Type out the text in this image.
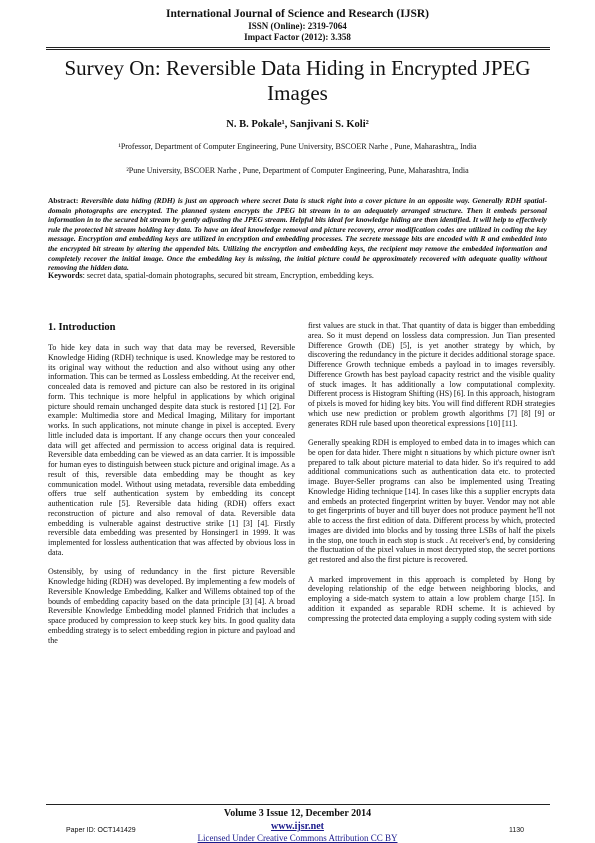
International Journal of Science and Research (IJSR)
ISSN (Online): 2319-7064
Impact Factor (2012): 3.358
Survey On: Reversible Data Hiding in Encrypted JPEG Images
N. B. Pokale¹, Sanjivani S. Koli²
¹Professor, Department of Computer Engineering, Pune University, BSCOER Narhe , Pune, Maharashtra,, India
²Pune University, BSCOER Narhe , Pune, Department of Computer Engineering, Pune, Maharashtra, India
Abstract: Reversible data hiding (RDH) is just an approach where secret Data is stuck right into a cover picture in an opposite way. Generally RDH spatial-domain photographs are encrypted. The planned system encrypts the JPEG bit stream in to an adequately arranged structure. Then it embeds personal information in to the secured bit stream by gently adjusting the JPEG stream. Helpful bits ideal for knowledge hiding are then identified. It will help to effectively rule the protected bit stream holding key data. To have an ideal knowledge removal and picture recovery, error modification codes are utilized in coding the key message. Encryption and embedding keys are utilized in encryption and embedding processes. The secrete message bits are encoded with R and embedded into the encrypted bit stream by altering the appended bits. Utilizing the encryption and embedding keys, the recipient may remove the embedded information and completely recover the initial image. Once the embedding key is missing, the initial picture could be approximately recovered with adequate quality without removing the hidden data.
Keywords: secret data, spatial-domain photographs, secured bit stream, Encryption, embedding keys.
1. Introduction

To hide key data in such way that data may be reversed, Reversible Knowledge Hiding (RDH) technique is used. Knowledge may be restored to its original way without the reduction and also without using any other information. This can be termed as Lossless embedding. At the receiver end, concealed data is removed and picture can also be restored in its original form. This technique is more helpful in applications by which original picture should remain unchanged despite data stuck is restored [1] [2]. For example: Multimedia store and Medical Imaging, Military for important works. In such applications, not minute change in pixel is accepted. Every little included data is important. If any change occurs then your concealed data will get affected and permission to access original data is required. Reversible data embedding can be viewed as an data carrier. It is impossible for human eyes to distinguish between stuck picture and original image. As a result of this, reversible data embedding may be thought as key communication model. Without using metadata, reversible data embedding offers true self authentication system by embedding its concept authentication rule [5]. Reversible data hiding (RDH) offers exact reconstruction of picture and also removal of data. Reversible data embedding is vulnerable against destructive strike [1] [3] [4]. Firstly reversible data embedding was presented by Honsinger1 in 1999. It was implemented for lossless authentication that was affected by obvious loss in data.

Ostensibly, by using of redundancy in the first picture Reversible Knowledge hiding (RDH) was developed. By implementing a few models of Reversible Knowledge Embedding, Kalker and Willems obtained top of the bounds of embedding capacity based on the data principle [3] [4]. A broad Reversible Knowledge Embedding model planned Fridrich that includes a space produced by compression to keep stuck key bits. In good quality data embedding strategy is to select embedding region in picture and payload and the

first values are stuck in that. That quantity of data is bigger than embedding area. So it must depend on lossless data compression. Jun Tian presented Difference Growth (DE) [5], is yet another strategy by which, by discovering the redundancy in the picture it decides additional storage space. Difference Growth technique embeds a payload in to images reversibly. Difference Growth has best payload capacity restrict and the visible quality of stuck images. It has additionally a low computational complexity. Different process is Histogram Shifting (HS) [6]. In this approach, histogram of pixels is moved for hiding key bits. You will find different RDH strategies which use new prediction or problem growth algorithms [7] [8] [9] or generates RDH rule based upon theoretical expressions [10] [11].

Generally speaking RDH is employed to embed data in to images which can be open for data hider. There might n situations by which picture owner isn't prepared to talk about picture material to data hider. So it's required to add additional communications such as authentication data etc. to protected image. Buyer-Seller programs can also be implemented using Treating Knowledge Hiding technique [14]. In cases like this a supplier encrypts data and embeds an protected fingerprint written by buyer. Vendor may not able to get fingerprints of buyer and till buyer does not produce payment he'll not able to access the first edition of data. Different process by which, protected images are divided into blocks and by tossing three LSBs of half the pixels in the stop, one touch in each stop is stuck . At receiver's end, by considering the fluctuation of the pixel values in most decrypted stop, the secret portions get restored and also the first picture is recovered.

A marked improvement in this approach is completed by Hong by developing relationship of the edge between neighboring blocks, and employing a side-match system to attain a low problem charge [15]. In addition it expanded as separable RDH scheme. It is achieved by compressing the protected data employing a supply coding system with side

Volume 3 Issue 12, December 2014
www.ijsr.net
Licensed Under Creative Commons Attribution CC BY
Paper ID: OCT141429	1130
